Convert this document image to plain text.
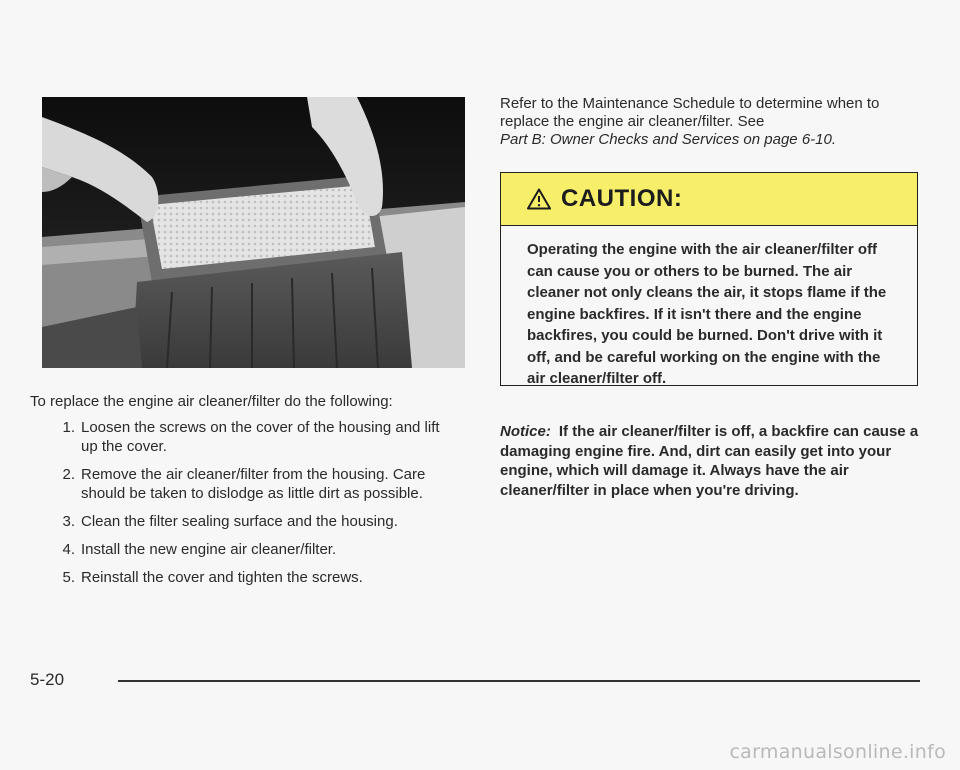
To replace the engine air cleaner/filter do the following:

1. Loosen the screws on the cover of the housing and lift up the cover.
2. Remove the air cleaner/filter from the housing. Care should be taken to dislodge as little dirt as possible.
3. Clean the filter sealing surface and the housing.
4. Install the new engine air cleaner/filter.
5. Reinstall the cover and tighten the screws.

Refer to the Maintenance Schedule to determine when to replace the engine air cleaner/filter. See
Part B: Owner Checks and Services on page 6-10.

CAUTION:
Operating the engine with the air cleaner/filter off can cause you or others to be burned. The air cleaner not only cleans the air, it stops flame if the engine backfires. If it isn't there and the engine backfires, you could be burned. Don't drive with it off, and be careful working on the engine with the air cleaner/filter off.

Notice: If the air cleaner/filter is off, a backfire can cause a damaging engine fire. And, dirt can easily get into your engine, which will damage it. Always have the air cleaner/filter in place when you're driving.

5-20
carmanualsonline.info
